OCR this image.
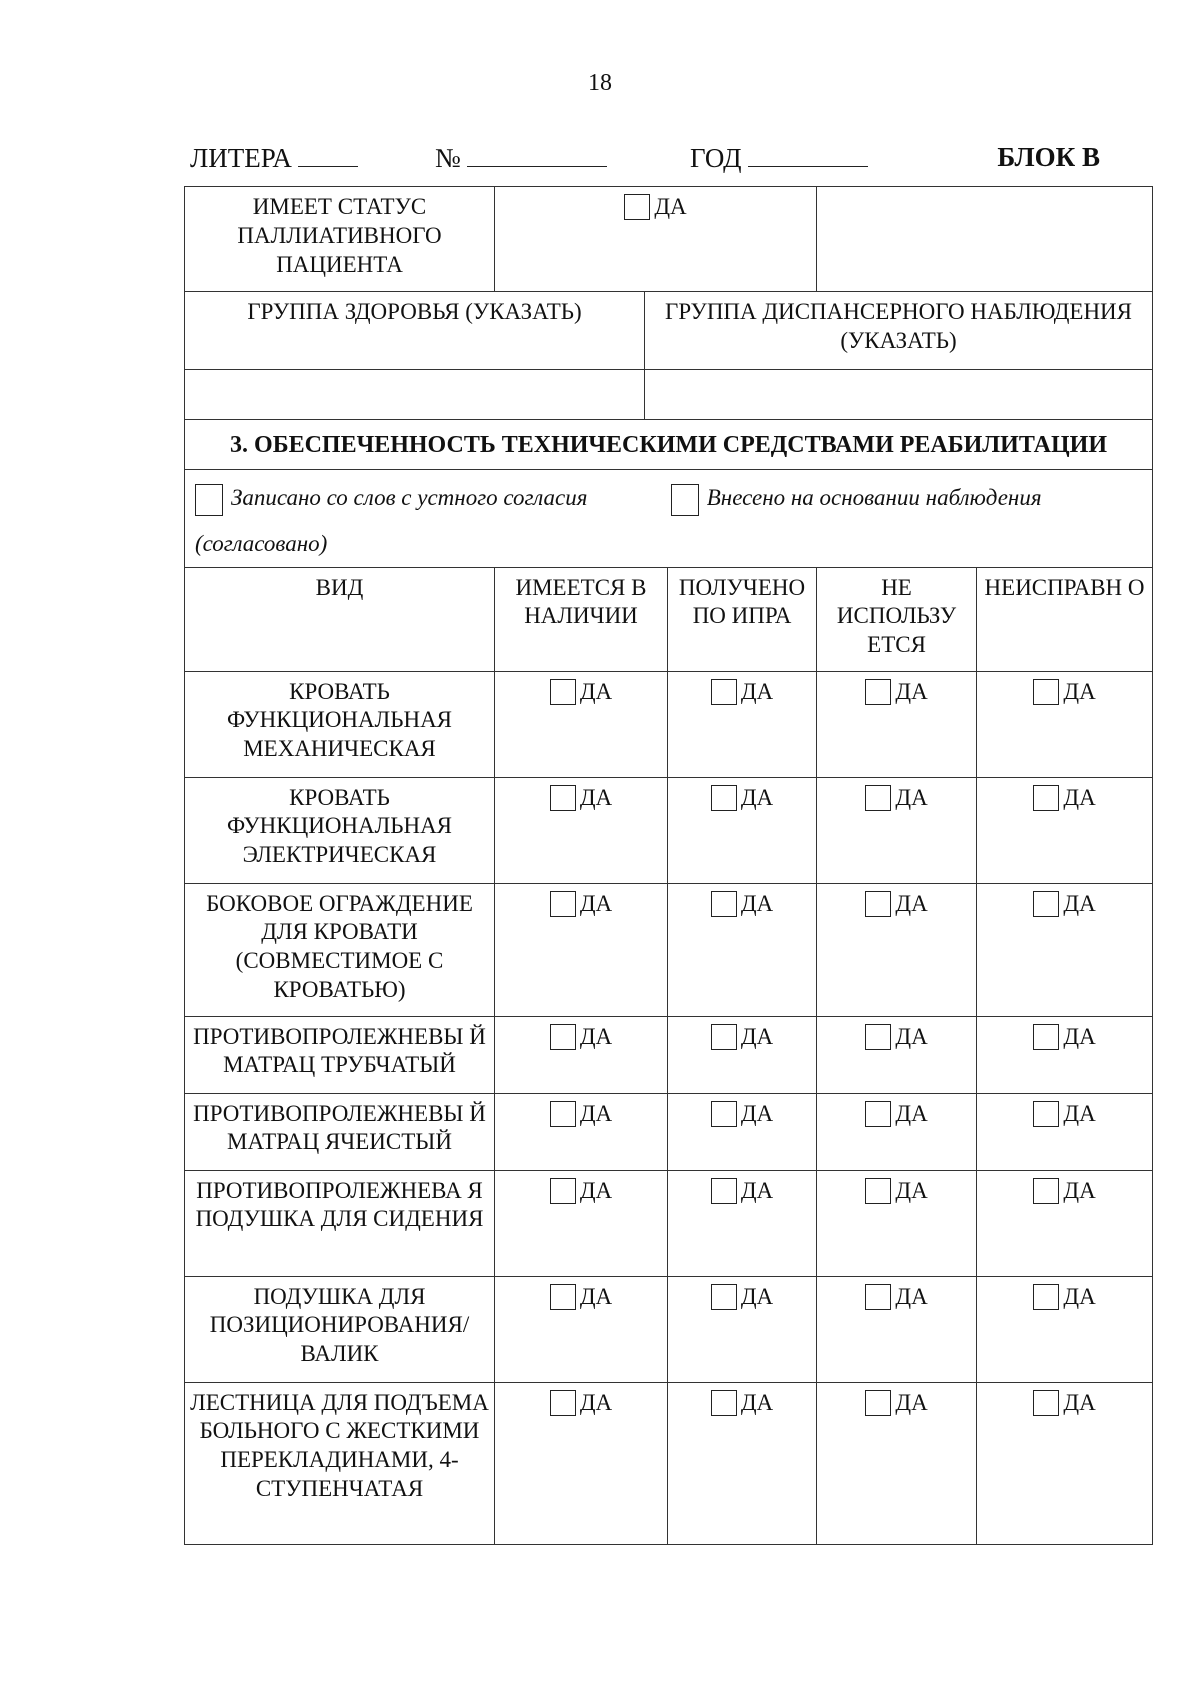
18
ЛИТЕРА	№	ГОД	БЛОК В
ИМЕЕТ СТАТУС ПАЛЛИАТИВНОГО ПАЦИЕНТА	ДА				

ГРУППА ЗДОРОВЬЯ (УКАЗАТЬ)		ГРУППА ДИСПАНСЕРНОГО НАБЛЮДЕНИЯ (УКАЗАТЬ)			

3. ОБЕСПЕЧЕННОСТЬ ТЕХНИЧЕСКИМИ СРЕДСТВАМИ РЕАБИЛИТАЦИИ					

Записано со слов с устного согласия
Внесено на основании наблюдения
(согласовано)					

ВИД	ИМЕЕТСЯ В НАЛИЧИИ		ПОЛУЧЕНО ПО ИПРА	НЕ ИСПОЛЬЗУ ЕТСЯ	НЕИСПРАВН О
КРОВАТЬ ФУНКЦИОНАЛЬНАЯ МЕХАНИЧЕСКАЯ	ДА		ДА	ДА	ДА

КРОВАТЬ ФУНКЦИОНАЛЬНАЯ ЭЛЕКТРИЧЕСКАЯ	ДА		ДА	ДА	ДА

БОКОВОЕ ОГРАЖДЕНИЕ ДЛЯ КРОВАТИ (СОВМЕСТИМОЕ С КРОВАТЬЮ)	ДА		ДА	ДА	ДА

ПРОТИВОПРОЛЕЖНЕВЫ Й МАТРАЦ ТРУБЧАТЫЙ	ДА		ДА	ДА	ДА

ПРОТИВОПРОЛЕЖНЕВЫ Й МАТРАЦ ЯЧЕИСТЫЙ	ДА		ДА	ДА	ДА

ПРОТИВОПРОЛЕЖНЕВА Я ПОДУШКА ДЛЯ СИДЕНИЯ	ДА		ДА	ДА	ДА

ПОДУШКА ДЛЯ ПОЗИЦИОНИРОВАНИЯ/ ВАЛИК	ДА		ДА	ДА	ДА

ЛЕСТНИЦА ДЛЯ ПОДЪЕМА БОЛЬНОГО С ЖЕСТКИМИ ПЕРЕКЛАДИНАМИ, 4- СТУПЕНЧАТАЯ	ДА		ДА	ДА	ДА
